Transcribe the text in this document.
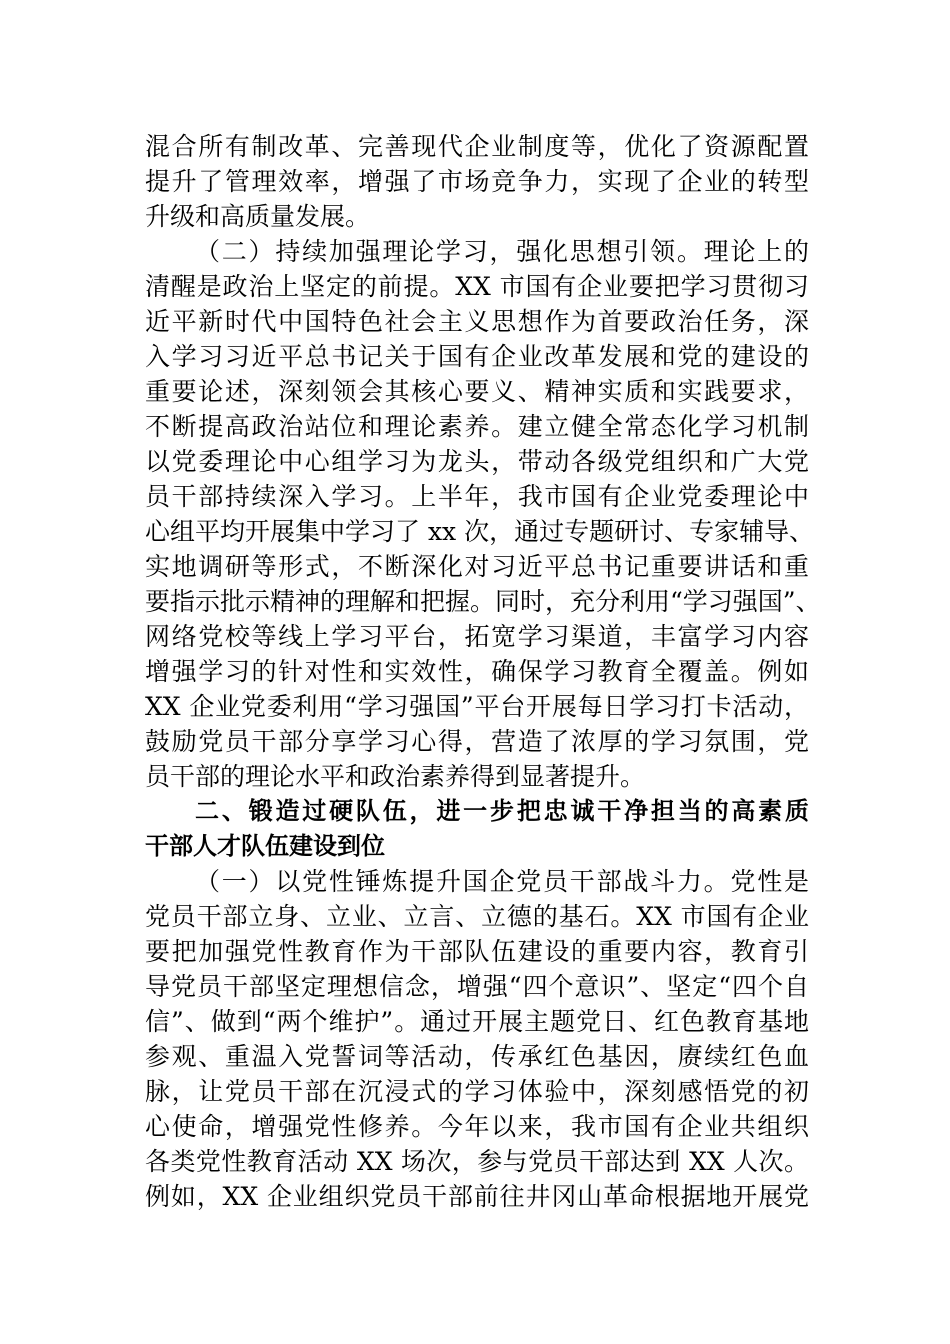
混合所有制改革、完善现代企业制度等，优化了资源配置
提升了管理效率，增强了市场竞争力，实现了企业的转型
升级和高质量发展。
（二）持续加强理论学习，强化思想引领。理论上的
清醒是政治上坚定的前提。XX 市国有企业要把学习贯彻习
近平新时代中国特色社会主义思想作为首要政治任务，深
入学习习近平总书记关于国有企业改革发展和党的建设的
重要论述，深刻领会其核心要义、精神实质和实践要求，
不断提高政治站位和理论素养。建立健全常态化学习机制
以党委理论中心组学习为龙头，带动各级党组织和广大党
员干部持续深入学习。上半年，我市国有企业党委理论中
心组平均开展集中学习了 xx 次，通过专题研讨、专家辅导、
实地调研等形式，不断深化对习近平总书记重要讲话和重
要指示批示精神的理解和把握。同时，充分利用“学习强国”、
网络党校等线上学习平台，拓宽学习渠道，丰富学习内容
增强学习的针对性和实效性，确保学习教育全覆盖。例如
XX 企业党委利用“学习强国”平台开展每日学习打卡活动，
鼓励党员干部分享学习心得，营造了浓厚的学习氛围，党
员干部的理论水平和政治素养得到显著提升。
二、锻造过硬队伍，进一步把忠诚干净担当的高素质
干部人才队伍建设到位
（一）以党性锤炼提升国企党员干部战斗力。党性是
党员干部立身、立业、立言、立德的基石。XX 市国有企业
要把加强党性教育作为干部队伍建设的重要内容，教育引
导党员干部坚定理想信念，增强“四个意识”、坚定“四个自
信”、做到“两个维护”。通过开展主题党日、红色教育基地
参观、重温入党誓词等活动，传承红色基因，赓续红色血
脉，让党员干部在沉浸式的学习体验中，深刻感悟党的初
心使命，增强党性修养。今年以来，我市国有企业共组织
各类党性教育活动 XX 场次，参与党员干部达到 XX 人次。
例如，XX 企业组织党员干部前往井冈山革命根据地开展党
